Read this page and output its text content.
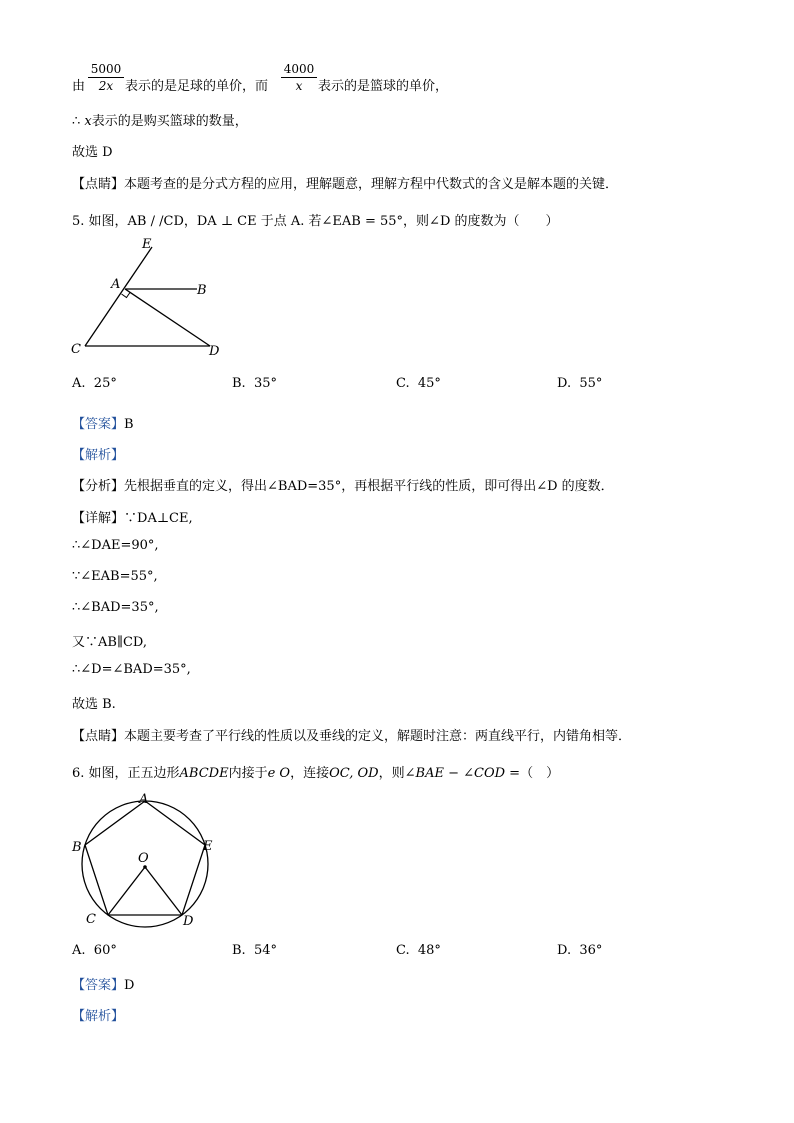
由
5000
2x 表示的是足球的单价，而
4000
x	表示的是篮球的单价，
∴ x表示的是购买篮球的数量，
故选 D
【点睛】本题考查的是分式方程的应用，理解题意，理解方程中代数式的含义是解本题的关键．
5. 如图，AB / /CD，DA ⊥ CE 于点 A. 若∠EAB = 55°，则∠D 的度数为（　　）
E
A	B
C	D
A. 25°	B. 35°	C. 45°	D. 55°
【答案】B
【解析】
【分析】先根据垂直的定义，得出∠BAD=35°，再根据平行线的性质，即可得出∠D 的度数．
【详解】∵DA⊥CE,
∴∠DAE=90°,
∵∠EAB=55°,
∴∠BAD=35°,
又∵AB∥CD,
∴∠D=∠BAD=35°,
故选 B.
【点睛】本题主要考查了平行线的性质以及垂线的定义，解题时注意：两直线平行，内错角相等．
6. 如图，正五边形ABCDE内接于e O，连接OC, OD，则∠BAE − ∠COD =（　）
A
B
C	D
E
O
A. 60°	B. 54°	C. 48°	D. 36°
【答案】D
【解析】
